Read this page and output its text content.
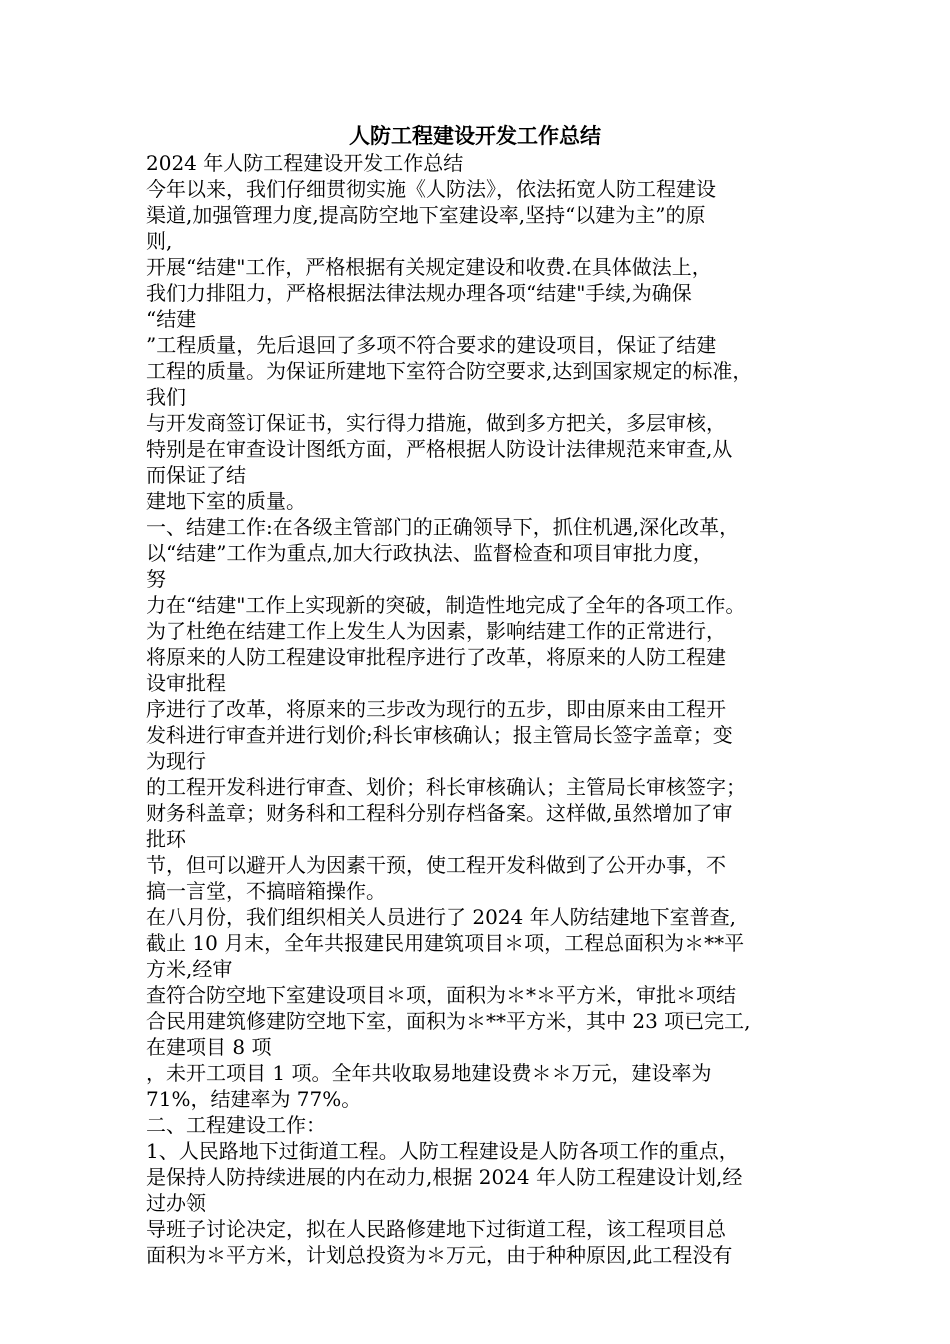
人防工程建设开发工作总结
2024 年人防工程建设开发工作总结
今年以来，我们仔细贯彻实施《人防法》，依法拓宽人防工程建设
渠道,加强管理力度,提高防空地下室建设率,坚持“以建为主”的原
则,
开展“结建"工作，严格根据有关规定建设和收费.在具体做法上，
我们力排阻力，严格根据法律法规办理各项“结建"手续,为确保
“结建
”工程质量，先后退回了多项不符合要求的建设项目，保证了结建
工程的质量。为保证所建地下室符合防空要求,达到国家规定的标准，
我们
与开发商签订保证书，实行得力措施，做到多方把关，多层审核，
特别是在审查设计图纸方面，严格根据人防设计法律规范来审查,从
而保证了结
建地下室的质量。
一、结建工作:在各级主管部门的正确领导下，抓住机遇,深化改革，
以“结建”工作为重点,加大行政执法、监督检查和项目审批力度，
努
力在“结建"工作上实现新的突破，制造性地完成了全年的各项工作。
为了杜绝在结建工作上发生人为因素，影响结建工作的正常进行，
将原来的人防工程建设审批程序进行了改革，将原来的人防工程建
设审批程
序进行了改革，将原来的三步改为现行的五步，即由原来由工程开
发科进行审查并进行划价;科长审核确认；报主管局长签字盖章；变
为现行
的工程开发科进行审查、划价；科长审核确认；主管局长审核签字；
财务科盖章；财务科和工程科分别存档备案。这样做,虽然增加了审
批环
节，但可以避开人为因素干预，使工程开发科做到了公开办事，不
搞一言堂，不搞暗箱操作。
在八月份，我们组织相关人员进行了 2024 年人防结建地下室普查,
截止 10 月末，全年共报建民用建筑项目＊项，工程总面积为＊**平
方米,经审
查符合防空地下室建设项目＊项，面积为＊*＊平方米，审批＊项结
合民用建筑修建防空地下室，面积为＊**平方米，其中 23 项已完工,
在建项目 8 项
，未开工项目 1 项。全年共收取易地建设费＊＊万元，建设率为
71%，结建率为 77%。
二、工程建设工作：
1、人民路地下过街道工程。人防工程建设是人防各项工作的重点，
是保持人防持续进展的内在动力,根据 2024 年人防工程建设计划,经
过办领
导班子讨论决定，拟在人民路修建地下过街道工程，该工程项目总
面积为＊平方米，计划总投资为＊万元，由于种种原因,此工程没有
